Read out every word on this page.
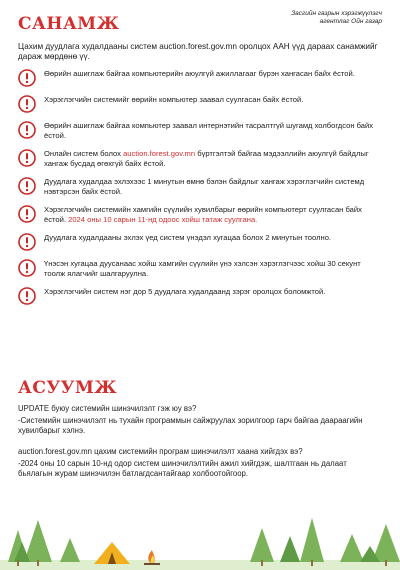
Засгийн газрын хэрэгжүүлэгч
агентлаг Ойн газар
САНАМЖ

Цахим дуудлага худалдааны систем auction.forest.gov.mn оролцох ААН үүд дараах санамжийг дараж мөрдөнө үү.

Өөрийн ашиглаж байгаа компьютерийн аюулгүй ажиллагааг бүрэн хангасан байх ёстой.
Хэрэглэгчийн системийг өөрийн компьютер заавал суулгасан байх ёстой.
Өөрийн ашиглаж байгаа компьютер заавал интернэтийн тасралтгүй шугамд холбогдсон байх ёстой.
Онлайн систем болох auction.forest.gov.mn бүртгэлтэй байгаа мэдээллийн аюулгүй байдлыг хангаж бусдад өгөхгүй байх ёстой.
Дуудлага худалдаа эхлэхээс 1 минутын өмнө бэлэн байдлыг хангаж хэрэглэгчийн системд нэвтэрсэн байх ёстой.
Хэрэглэгчийн системийн хамгийн сүүлийн хувилбарыг өөрийн компьютерт суулгасан байх ёстой. 2024 оны 10 сарын 11-нд одоос хойш татаж суулгана.
Дуудлага худалдааны эхлэх үед систем үнэдэл хугацаа болох 2 минутын тоолно.
Үнэсэн хугацаа дуусанаас хойш хамгийн сүүлийн үнэ хэлсэн хэрэглэгчээс хойш 30 секунт тоолж ялагчийг шалгаруулна.
Хэрэглэгчийн систем нэг дор 5 дуудлага худалдаанд зэрэг оролцох боломжтой.
АСУУМЖ

UPDATE буюу системийн шинэчилэлт гэж юу вэ?

-Системийн шинэчилэлт нь тухайн программын сайжруулах зорилгоор гарч байгаа даараагийн хувилбарыг хэлнэ.

auction.forest.gov.mn цахим системийн програм шинэчилэлт хаана хийгдэх вэ?

-2024 оны 10 сарын 10-нд одор систем шинэчилэлтийн ажил хийгдэж, шалтгаан нь далаат бьялагын журам шинэчилэн батлагдсантайгаар холбоотойгоор.
